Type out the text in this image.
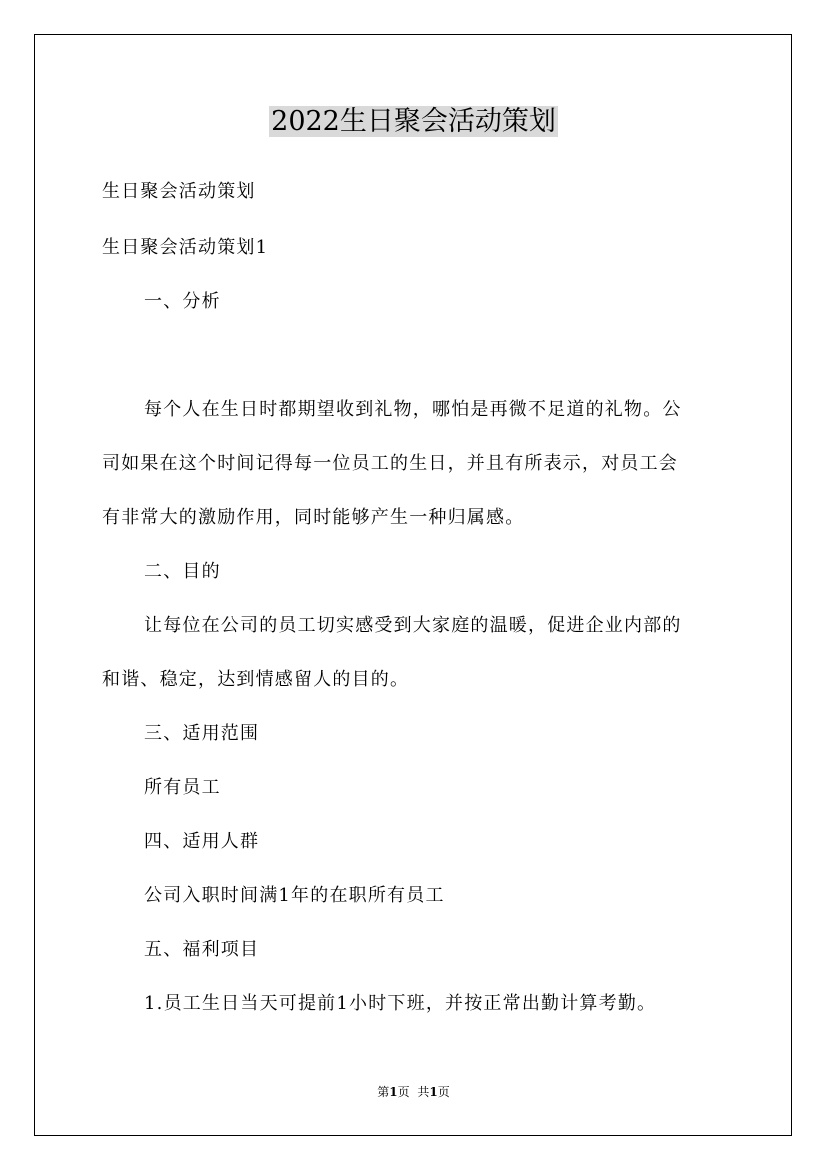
2022生日聚会活动策划

生日聚会活动策划

生日聚会活动策划1

一、分析

每个人在生日时都期望收到礼物，哪怕是再微不足道的礼物。公

司如果在这个时间记得每一位员工的生日，并且有所表示，对员工会

有非常大的激励作用，同时能够产生一种归属感。

二、目的

让每位在公司的员工切实感受到大家庭的温暖，促进企业内部的

和谐、稳定，达到情感留人的目的。

三、适用范围

所有员工

四、适用人群

公司入职时间满1年的在职所有员工

五、福利项目

1.员工生日当天可提前1小时下班，并按正常出勤计算考勤。

第1页 共1页
